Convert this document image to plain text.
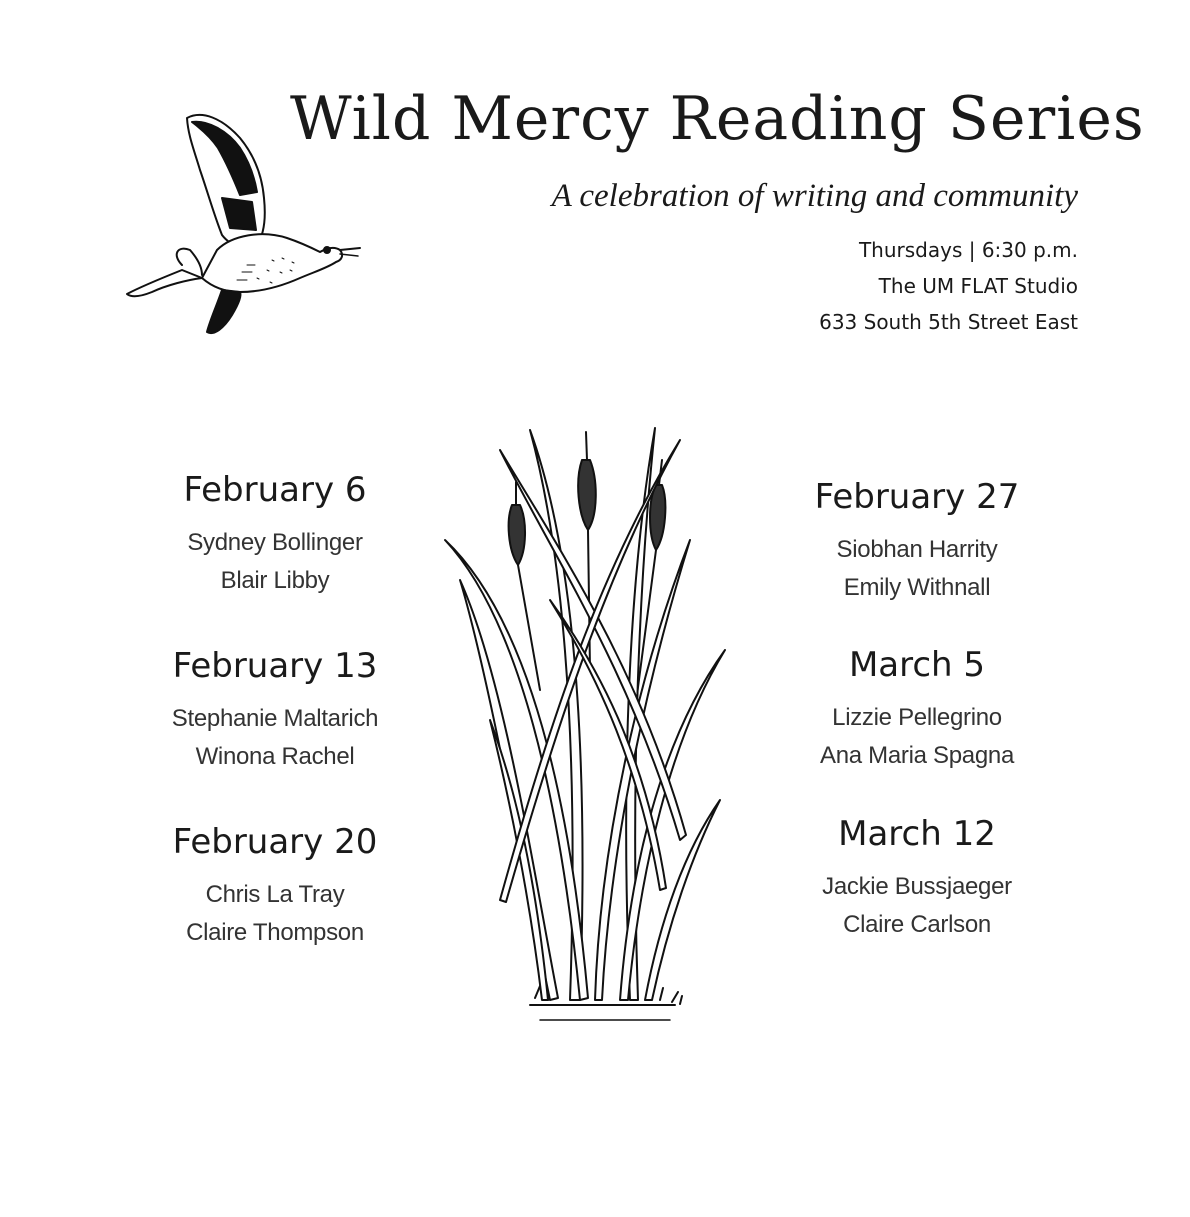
Wild Mercy Reading Series
A celebration of writing and community
Thursdays | 6:30 p.m.
The UM FLAT Studio
633 South 5th Street East
February 6
Sydney Bollinger
Blair Libby
February 13
Stephanie Maltarich
Winona Rachel
February 20
Chris La Tray
Claire Thompson
February 27
Siobhan Harrity
Emily Withnall
March 5
Lizzie Pellegrino
Ana Maria Spagna
March 12
Jackie Bussjaeger
Claire Carlson
